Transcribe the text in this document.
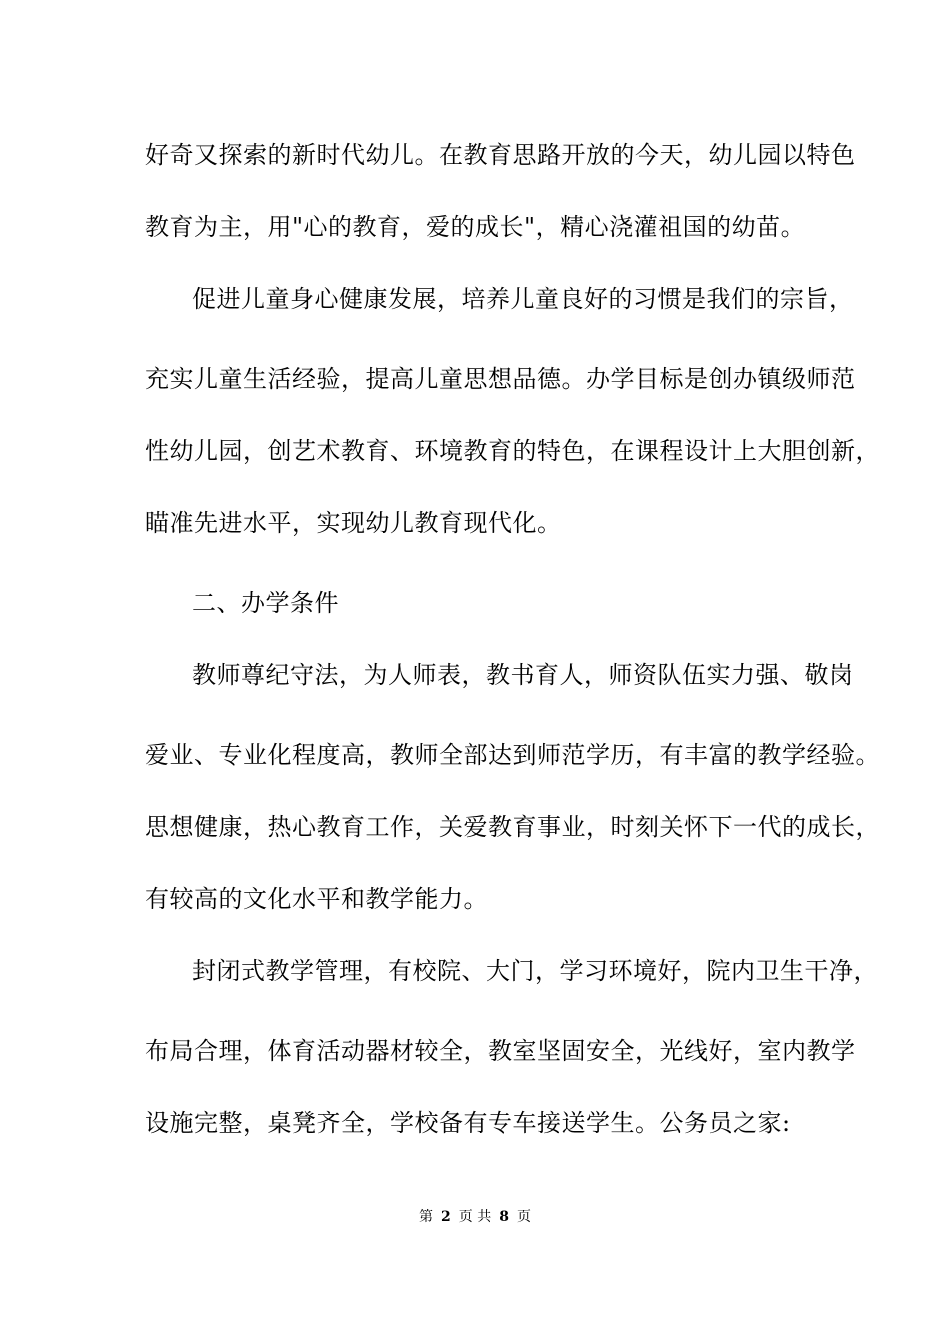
好奇又探索的新时代幼儿。在教育思路开放的今天，幼儿园以特色
教育为主，用"心的教育，爱的成长"，精心浇灌祖国的幼苗。
促进儿童身心健康发展，培养儿童良好的习惯是我们的宗旨，
充实儿童生活经验，提高儿童思想品德。办学目标是创办镇级师范
性幼儿园，创艺术教育、环境教育的特色，在课程设计上大胆创新，
瞄准先进水平，实现幼儿教育现代化。
二、办学条件
教师尊纪守法，为人师表，教书育人，师资队伍实力强、敬岗
爱业、专业化程度高，教师全部达到师范学历，有丰富的教学经验。
思想健康，热心教育工作，关爱教育事业，时刻关怀下一代的成长，
有较高的文化水平和教学能力。
封闭式教学管理，有校院、大门，学习环境好，院内卫生干净，
布局合理，体育活动器材较全，教室坚固安全，光线好，室内教学
设施完整，桌凳齐全，学校备有专车接送学生。公务员之家:
第 2 页 共 8 页
